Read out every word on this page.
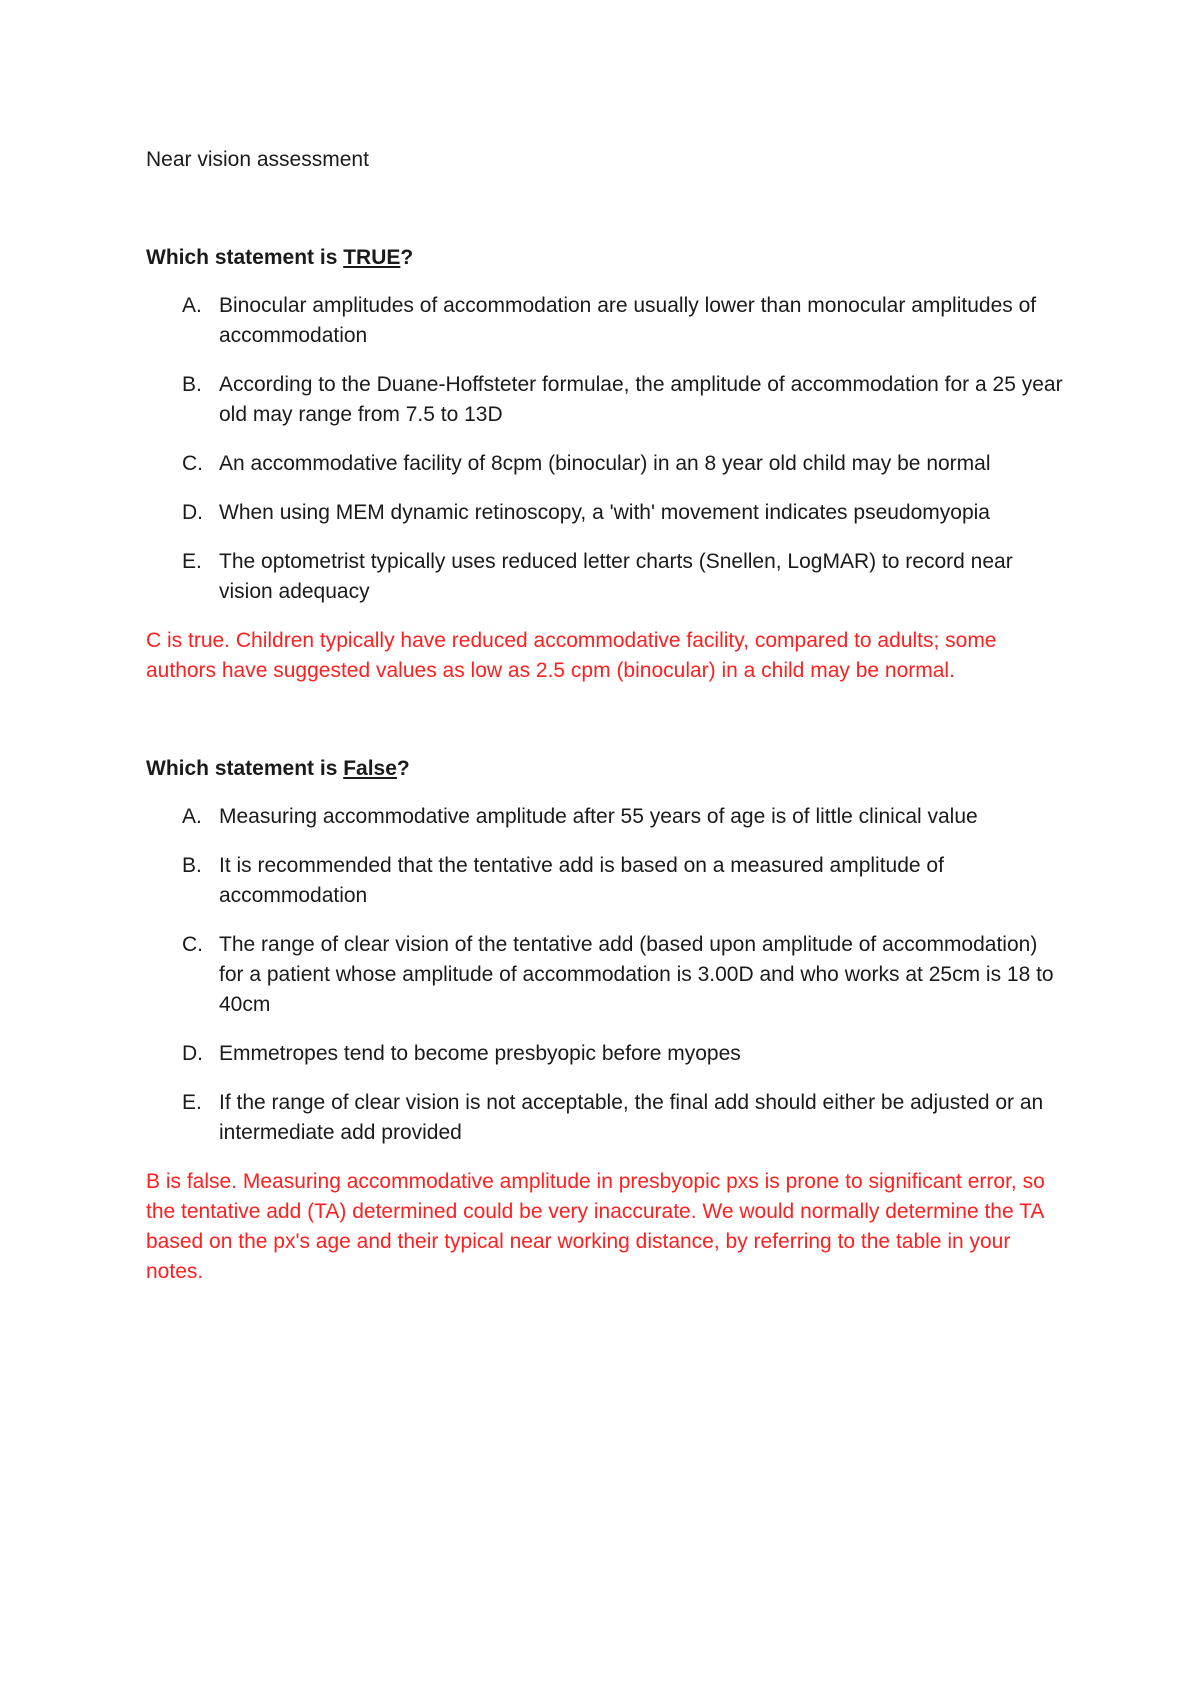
Near vision assessment

Which statement is TRUE?

A. Binocular amplitudes of accommodation are usually lower than monocular amplitudes of accommodation
B. According to the Duane-Hoffsteter formulae, the amplitude of accommodation for a 25 year old may range from 7.5 to 13D
C. An accommodative facility of 8cpm (binocular) in an 8 year old child may be normal
D. When using MEM dynamic retinoscopy, a 'with' movement indicates pseudomyopia
E. The optometrist typically uses reduced letter charts (Snellen, LogMAR) to record near vision adequacy

C is true. Children typically have reduced accommodative facility, compared to adults; some authors have suggested values as low as 2.5 cpm (binocular) in a child may be normal.

Which statement is False?

A. Measuring accommodative amplitude after 55 years of age is of little clinical value
B. It is recommended that the tentative add is based on a measured amplitude of accommodation
C. The range of clear vision of the tentative add (based upon amplitude of accommodation) for a patient whose amplitude of accommodation is 3.00D and who works at 25cm is 18 to 40cm
D. Emmetropes tend to become presbyopic before myopes
E. If the range of clear vision is not acceptable, the final add should either be adjusted or an intermediate add provided

B is false. Measuring accommodative amplitude in presbyopic pxs is prone to significant error, so the tentative add (TA) determined could be very inaccurate. We would normally determine the TA based on the px's age and their typical near working distance, by referring to the table in your notes.
